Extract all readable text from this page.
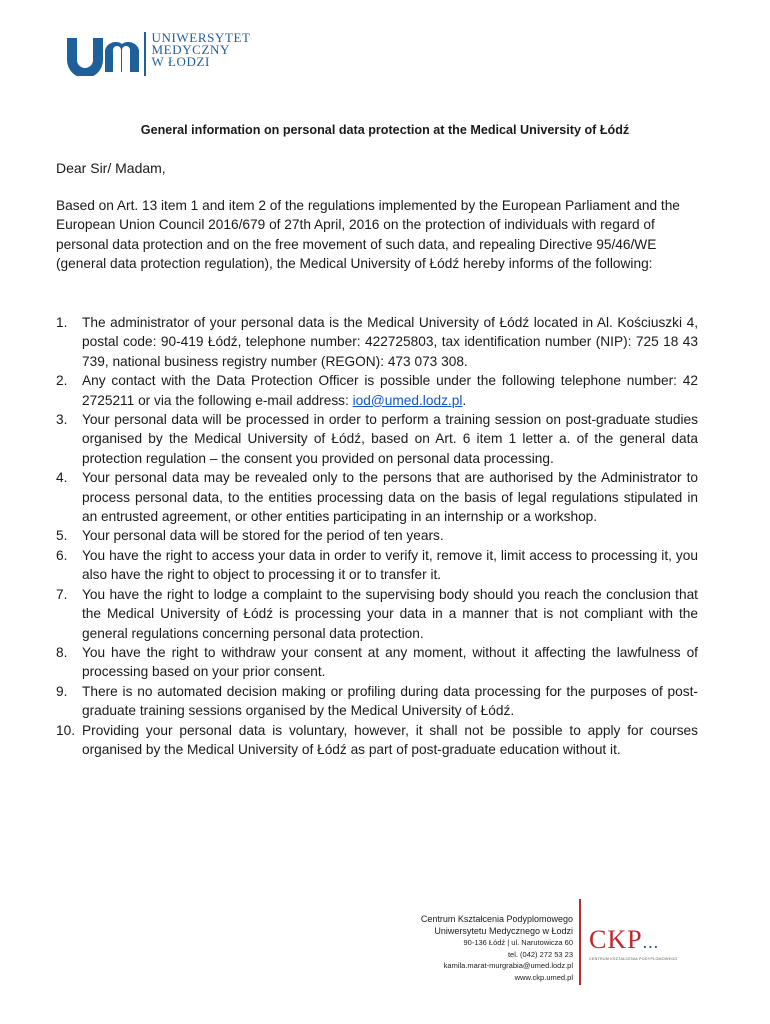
UNIWERSYTET
MEDYCZNY
W ŁODZI
General information on personal data protection at the Medical University of Łódź
Dear Sir/ Madam,
Based on Art. 13 item 1 and item 2 of the regulations implemented by the European Parliament and the European Union Council 2016/679 of 27th April, 2016 on the protection of individuals with regard of personal data protection and on the free movement of such data, and repealing Directive 95/46/WE (general data protection regulation), the Medical University of Łódź hereby informs of the following:
1. The administrator of your personal data is the Medical University of Łódź located in Al. Kościuszki 4, postal code: 90-419 Łódź, telephone number: 422725803, tax identification number (NIP): 725 18 43 739, national business registry number (REGON): 473 073 308.
2. Any contact with the Data Protection Officer is possible under the following telephone number: 42 2725211 or via the following e-mail address: iod@umed.lodz.pl.
3. Your personal data will be processed in order to perform a training session on post-graduate studies organised by the Medical University of Łódź, based on Art. 6 item 1 letter a. of the general data protection regulation – the consent you provided on personal data processing.
4. Your personal data may be revealed only to the persons that are authorised by the Administrator to process personal data, to the entities processing data on the basis of legal regulations stipulated in an entrusted agreement, or other entities participating in an internship or a workshop.
5. Your personal data will be stored for the period of ten years.
6. You have the right to access your data in order to verify it, remove it, limit access to processing it, you also have the right to object to processing it or to transfer it.
7. You have the right to lodge a complaint to the supervising body should you reach the conclusion that the Medical University of Łódź is processing your data in a manner that is not compliant with the general regulations concerning personal data protection.
8. You have the right to withdraw your consent at any moment, without it affecting the lawfulness of processing based on your prior consent.
9. There is no automated decision making or profiling during data processing for the purposes of post-graduate training sessions organised by the Medical University of Łódź.
10. Providing your personal data is voluntary, however, it shall not be possible to apply for courses organised by the Medical University of Łódź as part of post-graduate education without it.
Centrum Kształcenia Podyplomowego
Uniwersytetu Medycznego w Łodzi
90-136 Łódź | ul. Narutowicza 60
tel. (042) 272 53 23
kamila.marat-murgrabia@umed.lodz.pl
www.ckp.umed.pl
CKP...
CENTRUM KSZTAŁCENIA PODYPLOMOWEGO
